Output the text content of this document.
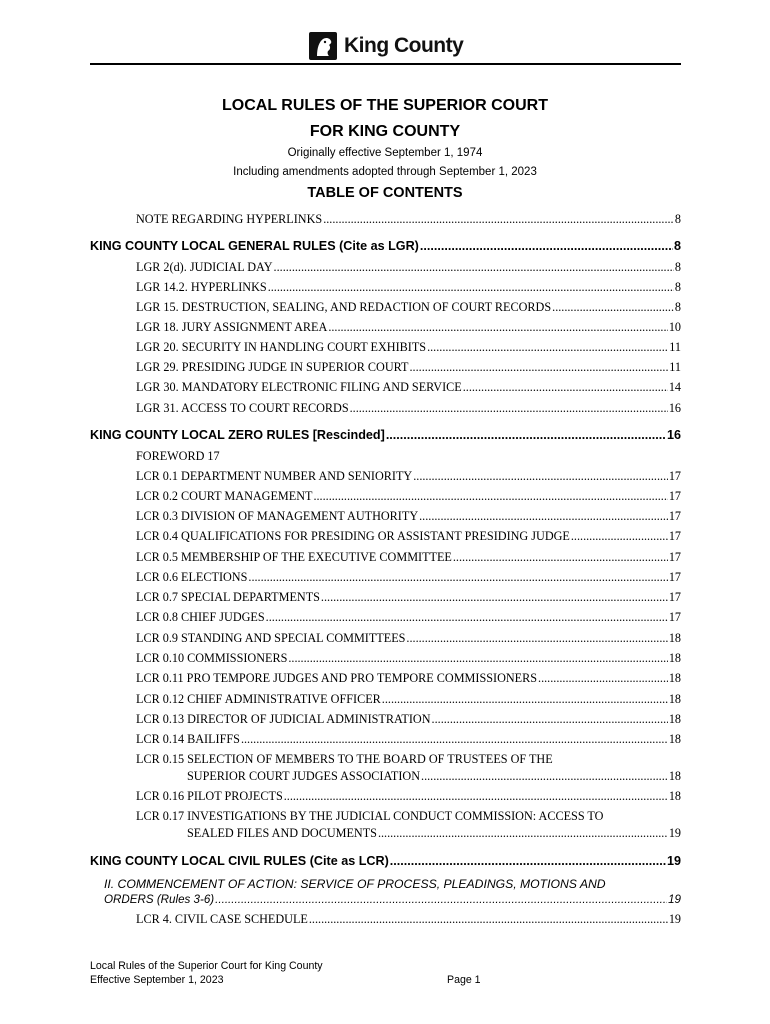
King County
LOCAL RULES OF THE SUPERIOR COURT
FOR KING COUNTY
Originally effective September 1, 1974
Including amendments adopted through September 1, 2023
TABLE OF CONTENTS
NOTE REGARDING HYPERLINKS .....	8
KING COUNTY LOCAL GENERAL RULES (Cite as LGR) .....	8
LGR 2(d). JUDICIAL DAY .....	8
LGR 14.2. HYPERLINKS .....	8
LGR 15. DESTRUCTION, SEALING, AND REDACTION OF COURT RECORDS .....	8
LGR 18. JURY ASSIGNMENT AREA .....	10
LGR 20. SECURITY IN HANDLING COURT EXHIBITS .....	11
LGR 29. PRESIDING JUDGE IN SUPERIOR COURT .....	11
LGR 30. MANDATORY ELECTRONIC FILING AND SERVICE .....	14
LGR 31. ACCESS TO COURT RECORDS .....	16
KING COUNTY LOCAL ZERO RULES [Rescinded] .....	16
FOREWORD 17
LCR 0.1 DEPARTMENT NUMBER AND SENIORITY .....	17
LCR 0.2 COURT MANAGEMENT .....	17
LCR 0.3 DIVISION OF MANAGEMENT AUTHORITY .....	17
LCR 0.4 QUALIFICATIONS FOR PRESIDING OR ASSISTANT PRESIDING JUDGE .....	17
LCR 0.5 MEMBERSHIP OF THE EXECUTIVE COMMITTEE .....	17
LCR 0.6 ELECTIONS .....	17
LCR 0.7 SPECIAL DEPARTMENTS .....	17
LCR 0.8 CHIEF JUDGES .....	17
LCR 0.9 STANDING AND SPECIAL COMMITTEES .....	18
LCR 0.10 COMMISSIONERS .....	18
LCR 0.11 PRO TEMPORE JUDGES AND PRO TEMPORE COMMISSIONERS .....	18
LCR 0.12 CHIEF ADMINISTRATIVE OFFICER .....	18
LCR 0.13 DIRECTOR OF JUDICIAL ADMINISTRATION .....	18
LCR 0.14 BAILIFFS .....	18
LCR 0.15 SELECTION OF MEMBERS TO THE BOARD OF TRUSTEES OF THE
SUPERIOR COURT JUDGES ASSOCIATION .....	18
LCR 0.16 PILOT PROJECTS .....	18
LCR 0.17 INVESTIGATIONS BY THE JUDICIAL CONDUCT COMMISSION: ACCESS TO
SEALED FILES AND DOCUMENTS .....	19
KING COUNTY LOCAL CIVIL RULES (Cite as LCR) .....	19
II. COMMENCEMENT OF ACTION: SERVICE OF PROCESS, PLEADINGS, MOTIONS AND
ORDERS (Rules 3-6) .....	19
LCR 4. CIVIL CASE SCHEDULE .....	19
Local Rules of the Superior Court for King County
Effective September 1, 2023	Page 1
